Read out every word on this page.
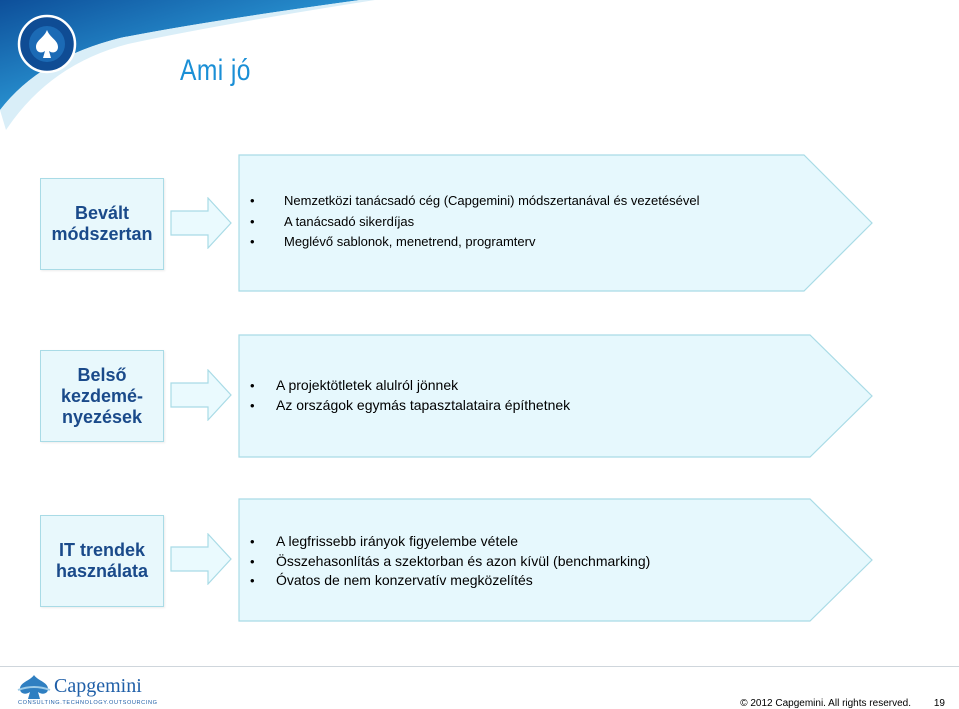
Ami jó
Bevált
módszertan
• Nemzetközi tanácsadó cég (Capgemini) módszertanával és vezetésével
• A tanácsadó sikerdíjas
• Meglévő sablonok, menetrend, programterv
Belső
kezdemé-
nyezések
• A projektötletek alulról jönnek
• Az országok egymás tapasztalataira építhetnek
IT trendek
használata
• A legfrissebb irányok figyelembe vétele
• Összehasonlítás a szektorban és azon kívül (benchmarking)
• Óvatos de nem konzervatív megközelítés
Capgemini
CONSULTING.TECHNOLOGY.OUTSOURCING	© 2012 Capgemini. All rights reserved. 19
